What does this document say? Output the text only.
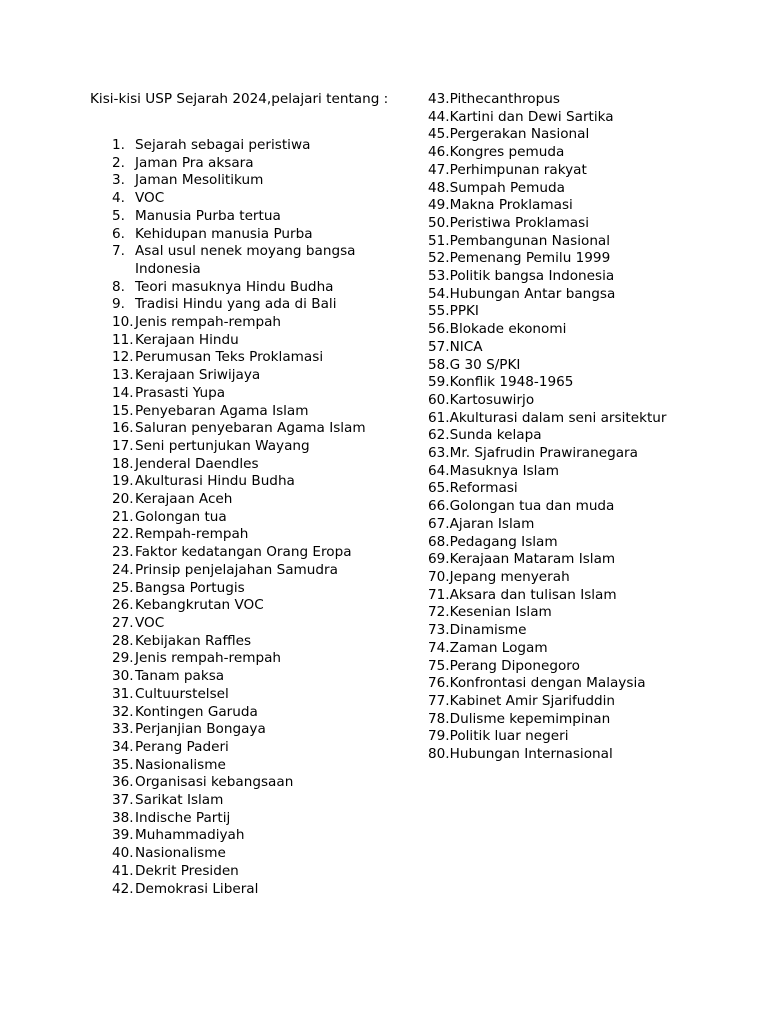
Kisi-kisi USP Sejarah 2024,pelajari tentang :

1. Sejarah sebagai peristiwa
2. Jaman Pra aksara
3. Jaman Mesolitikum
4. VOC
5. Manusia Purba tertua
6. Kehidupan manusia Purba
7. Asal usul nenek moyang bangsa Indonesia
8. Teori masuknya Hindu Budha
9. Tradisi Hindu yang ada di Bali
10. Jenis rempah-rempah
11. Kerajaan Hindu
12. Perumusan Teks Proklamasi
13. Kerajaan Sriwijaya
14. Prasasti Yupa
15. Penyebaran Agama Islam
16. Saluran penyebaran Agama Islam
17. Seni pertunjukan Wayang
18. Jenderal Daendles
19. Akulturasi Hindu Budha
20. Kerajaan Aceh
21. Golongan tua
22. Rempah-rempah
23. Faktor kedatangan Orang Eropa
24. Prinsip penjelajahan Samudra
25. Bangsa Portugis
26. Kebangkrutan VOC
27. VOC
28. Kebijakan Raffles
29. Jenis rempah-rempah
30. Tanam paksa
31. Cultuurstelsel
32. Kontingen Garuda
33. Perjanjian Bongaya
34. Perang Paderi
35. Nasionalisme
36. Organisasi kebangsaan
37. Sarikat Islam
38. Indische Partij
39. Muhammadiyah
40. Nasionalisme
41. Dekrit Presiden
42. Demokrasi Liberal
43. Pithecanthropus
44. Kartini dan Dewi Sartika
45. Pergerakan Nasional
46. Kongres pemuda
47. Perhimpunan rakyat
48. Sumpah Pemuda
49. Makna Proklamasi
50. Peristiwa Proklamasi
51. Pembangunan Nasional
52. Pemenang Pemilu 1999
53. Politik bangsa Indonesia
54. Hubungan Antar bangsa
55. PPKI
56. Blokade ekonomi
57. NICA
58. G 30 S/PKI
59. Konflik 1948-1965
60. Kartosuwirjo
61. Akulturasi dalam seni arsitektur
62. Sunda kelapa
63. Mr. Sjafrudin Prawiranegara
64. Masuknya Islam
65. Reformasi
66. Golongan tua dan muda
67. Ajaran Islam
68. Pedagang Islam
69. Kerajaan Mataram Islam
70. Jepang menyerah
71. Aksara dan tulisan Islam
72. Kesenian Islam
73. Dinamisme
74. Zaman Logam
75. Perang Diponegoro
76. Konfrontasi dengan Malaysia
77. Kabinet Amir Sjarifuddin
78. Dulisme kepemimpinan
79. Politik luar negeri
80. Hubungan Internasional
